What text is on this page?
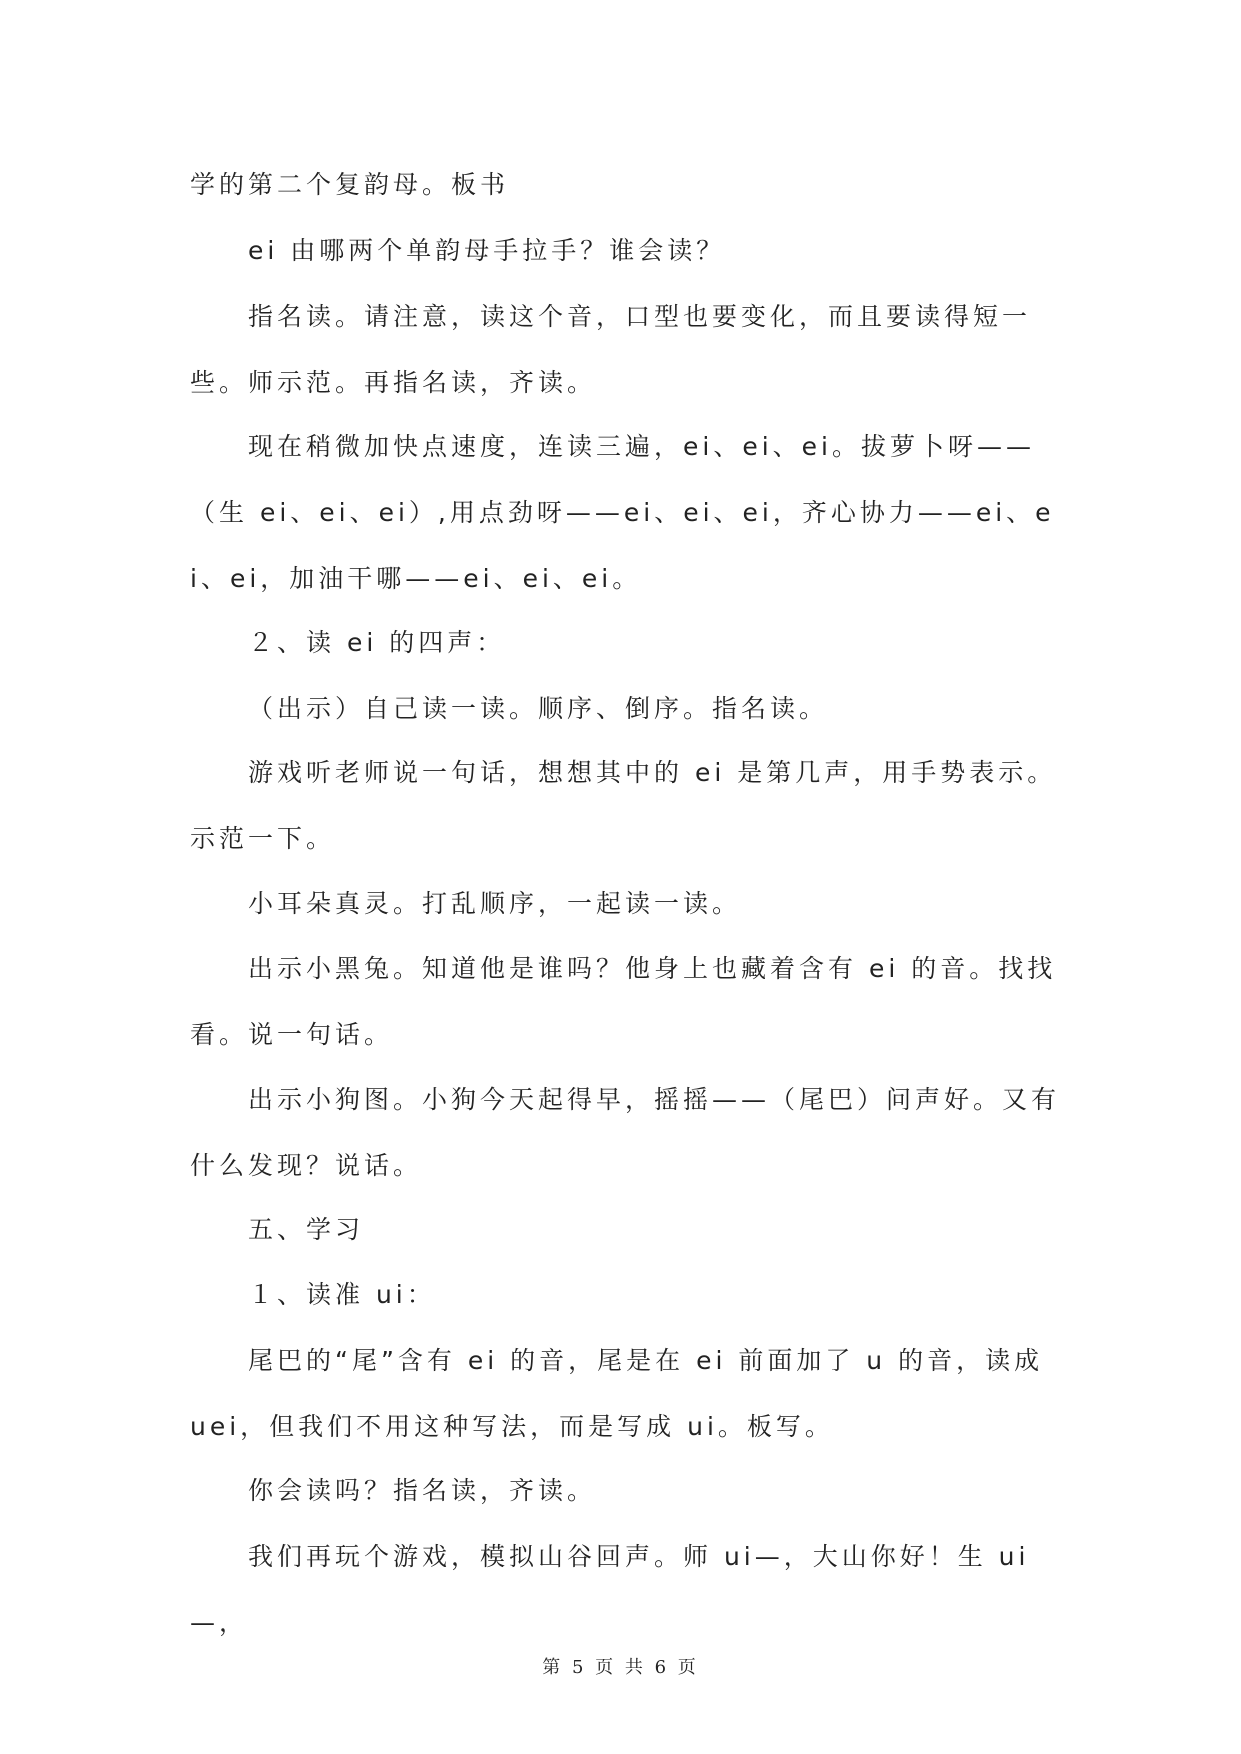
学的第二个复韵母。板书

ei 由哪两个单韵母手拉手？谁会读？

指名读。请注意，读这个音，口型也要变化，而且要读得短一些。师示范。再指名读，齐读。

现在稍微加快点速度，连读三遍，ei、ei、ei。拔萝卜呀——（生 ei、ei、ei）,用点劲呀——ei、ei、ei，齐心协力——ei、ei、ei，加油干哪——ei、ei、ei。

２、读 ei 的四声：

（出示）自己读一读。顺序、倒序。指名读。

游戏听老师说一句话，想想其中的 ei 是第几声，用手势表示。示范一下。

小耳朵真灵。打乱顺序，一起读一读。

出示小黑兔。知道他是谁吗？他身上也藏着含有 ei 的音。找找看。说一句话。

出示小狗图。小狗今天起得早，摇摇——（尾巴）问声好。又有什么发现？说话。

五、学习

１、读准 ui：

尾巴的“尾”含有 ei 的音，尾是在 ei 前面加了 u 的音，读成 uei，但我们不用这种写法，而是写成 ui。板写。

你会读吗？指名读，齐读。

我们再玩个游戏，模拟山谷回声。师 ui—，大山你好！生 ui—，

第 5 页 共 6 页
